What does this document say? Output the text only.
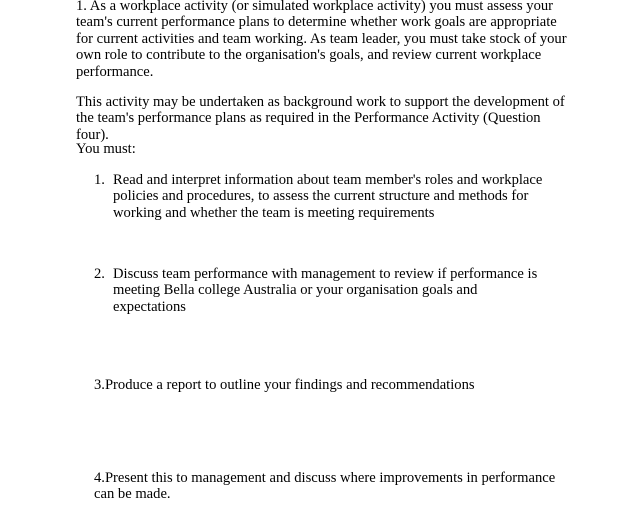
1. As a workplace activity (or simulated workplace activity) you must assess your team's current performance plans to determine whether work goals are appropriate for current activities and team working. As team leader, you must take stock of your own role to contribute to the organisation's goals, and review current workplace performance.

This activity may be undertaken as background work to support the development of the team's performance plans as required in the Performance Activity (Question four).

You must:

1. Read and interpret information about team member's roles and workplace policies and procedures, to assess the current structure and methods for working and whether the team is meeting requirements
2. Discuss team performance with management to review if performance is meeting Bella college Australia or your organisation goals and expectations

3.Produce a report to outline your findings and recommendations

4.Present this to management and discuss where improvements in performance can be made.
